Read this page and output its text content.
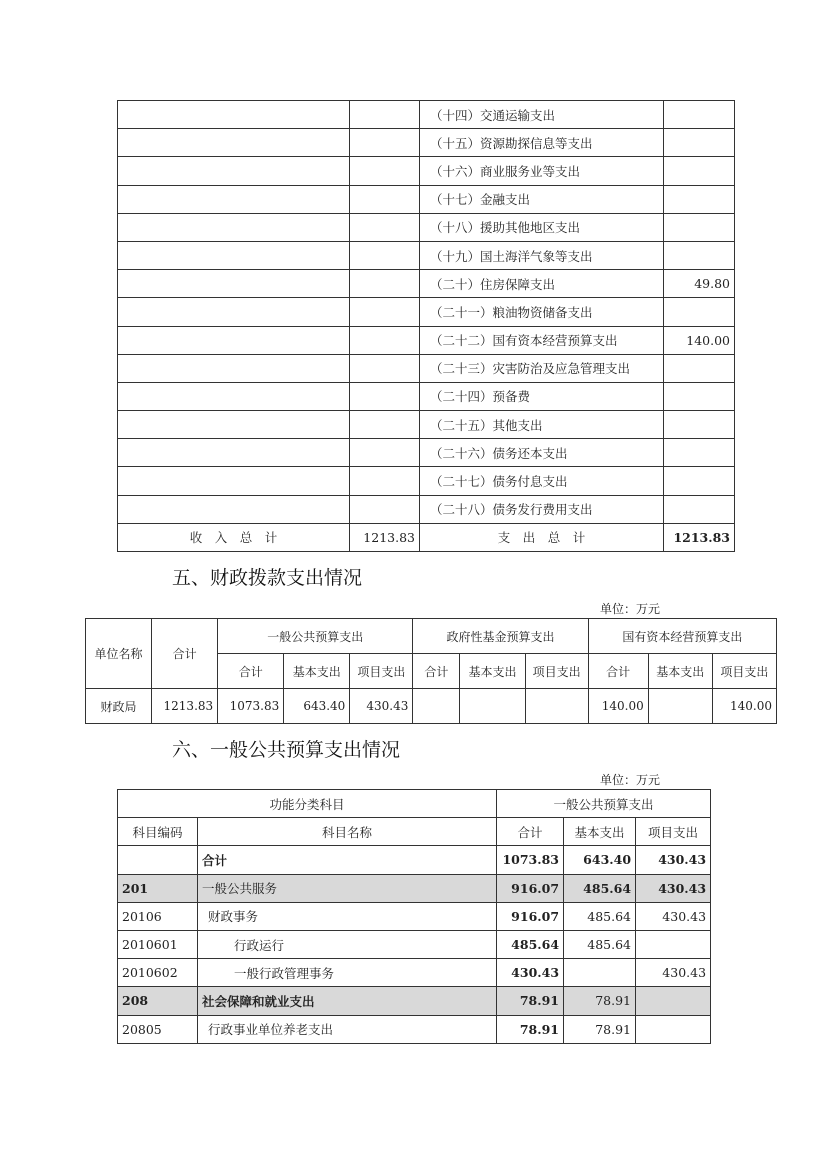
		（十四）交通运输支出	
		（十五）资源勘探信息等支出	
		（十六）商业服务业等支出	
		（十七）金融支出	
		（十八）援助其他地区支出	
		（十九）国土海洋气象等支出	
		（二十）住房保障支出	49.80
		（二十一）粮油物资储备支出	
		（二十二）国有资本经营预算支出	140.00
		（二十三）灾害防治及应急管理支出	
		（二十四）预备费	
		（二十五）其他支出	
		（二十六）债务还本支出	
		（二十七）债务付息支出	
		（二十八）债务发行费用支出	
收　入　总　计	1213.83	支　出　总　计	1213.83
五、财政拨款支出情况
单位：万元
单位名称	合计	一般公共预算支出			政府性基金预算支出			国有资本经营预算支出		
		合计	基本支出	项目支出	合计	基本支出	项目支出	合计	基本支出	项目支出
财政局	1213.83	1073.83	643.40	430.43				140.00		140.00
六、一般公共预算支出情况
单位：万元
功能分类科目		一般公共预算支出		
科目编码	科目名称	合计	基本支出	项目支出
	合计	1073.83	643.40	430.43
201	一般公共服务	916.07	485.64	430.43
20106	财政事务	916.07	485.64	430.43
2010601	行政运行	485.64	485.64	
2010602	一般行政管理事务	430.43		430.43
208	社会保障和就业支出	78.91	78.91	
20805	行政事业单位养老支出	78.91	78.91	
